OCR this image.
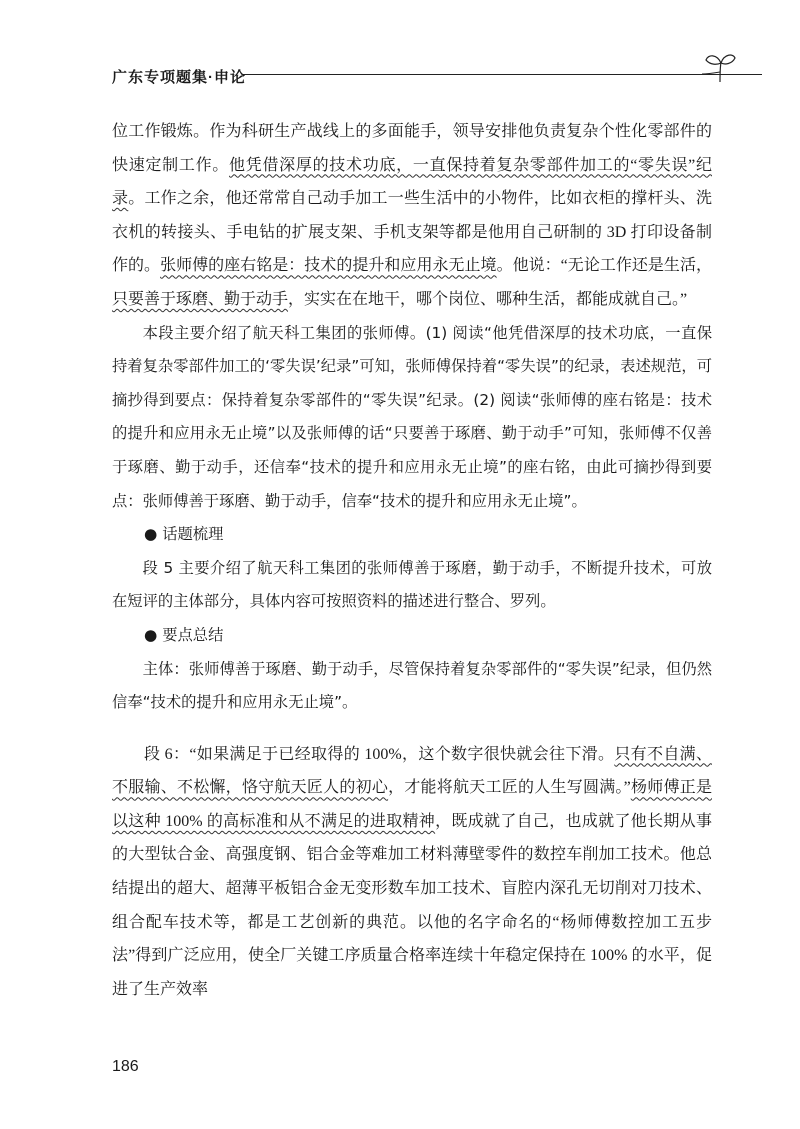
广东专项题集·申论

位工作锻炼。作为科研生产战线上的多面能手，领导安排他负责复杂个性化零部件的快速定制工作。他凭借深厚的技术功底，一直保持着复杂零部件加工的“零失误”纪录。工作之余，他还常常自己动手加工一些生活中的小物件，比如衣柜的撑杆头、洗衣机的转接头、手电钻的扩展支架、手机支架等都是他用自己研制的 3D 打印设备制作的。张师傅的座右铭是：技术的提升和应用永无止境。他说：“无论工作还是生活，只要善于琢磨、勤于动手，实实在在地干，哪个岗位、哪种生活，都能成就自己。”

本段主要介绍了航天科工集团的张师傅。(1) 阅读“他凭借深厚的技术功底，一直保持着复杂零部件加工的‘零失误’纪录”可知，张师傅保持着“零失误”的纪录，表述规范，可摘抄得到要点：保持着复杂零部件的“零失误”纪录。(2) 阅读“张师傅的座右铭是：技术的提升和应用永无止境”以及张师傅的话“只要善于琢磨、勤于动手”可知，张师傅不仅善于琢磨、勤于动手，还信奉“技术的提升和应用永无止境”的座右铭，由此可摘抄得到要点：张师傅善于琢磨、勤于动手，信奉“技术的提升和应用永无止境”。

● 话题梳理

段 5 主要介绍了航天科工集团的张师傅善于琢磨，勤于动手，不断提升技术，可放在短评的主体部分，具体内容可按照资料的描述进行整合、罗列。

● 要点总结

主体：张师傅善于琢磨、勤于动手，尽管保持着复杂零部件的“零失误”纪录，但仍然信奉“技术的提升和应用永无止境”。

段 6：“如果满足于已经取得的 100%，这个数字很快就会往下滑。只有不自满、不服输、不松懈，恪守航天匠人的初心，才能将航天工匠的人生写圆满。”杨师傅正是以这种 100% 的高标准和从不满足的进取精神，既成就了自己，也成就了他长期从事的大型钛合金、高强度钢、铝合金等难加工材料薄壁零件的数控车削加工技术。他总结提出的超大、超薄平板铝合金无变形数车加工技术、盲腔内深孔无切削对刀技术、组合配车技术等，都是工艺创新的典范。以他的名字命名的“杨师傅数控加工五步法”得到广泛应用，使全厂关键工序质量合格率连续十年稳定保持在 100% 的水平，促进了生产效率

186
